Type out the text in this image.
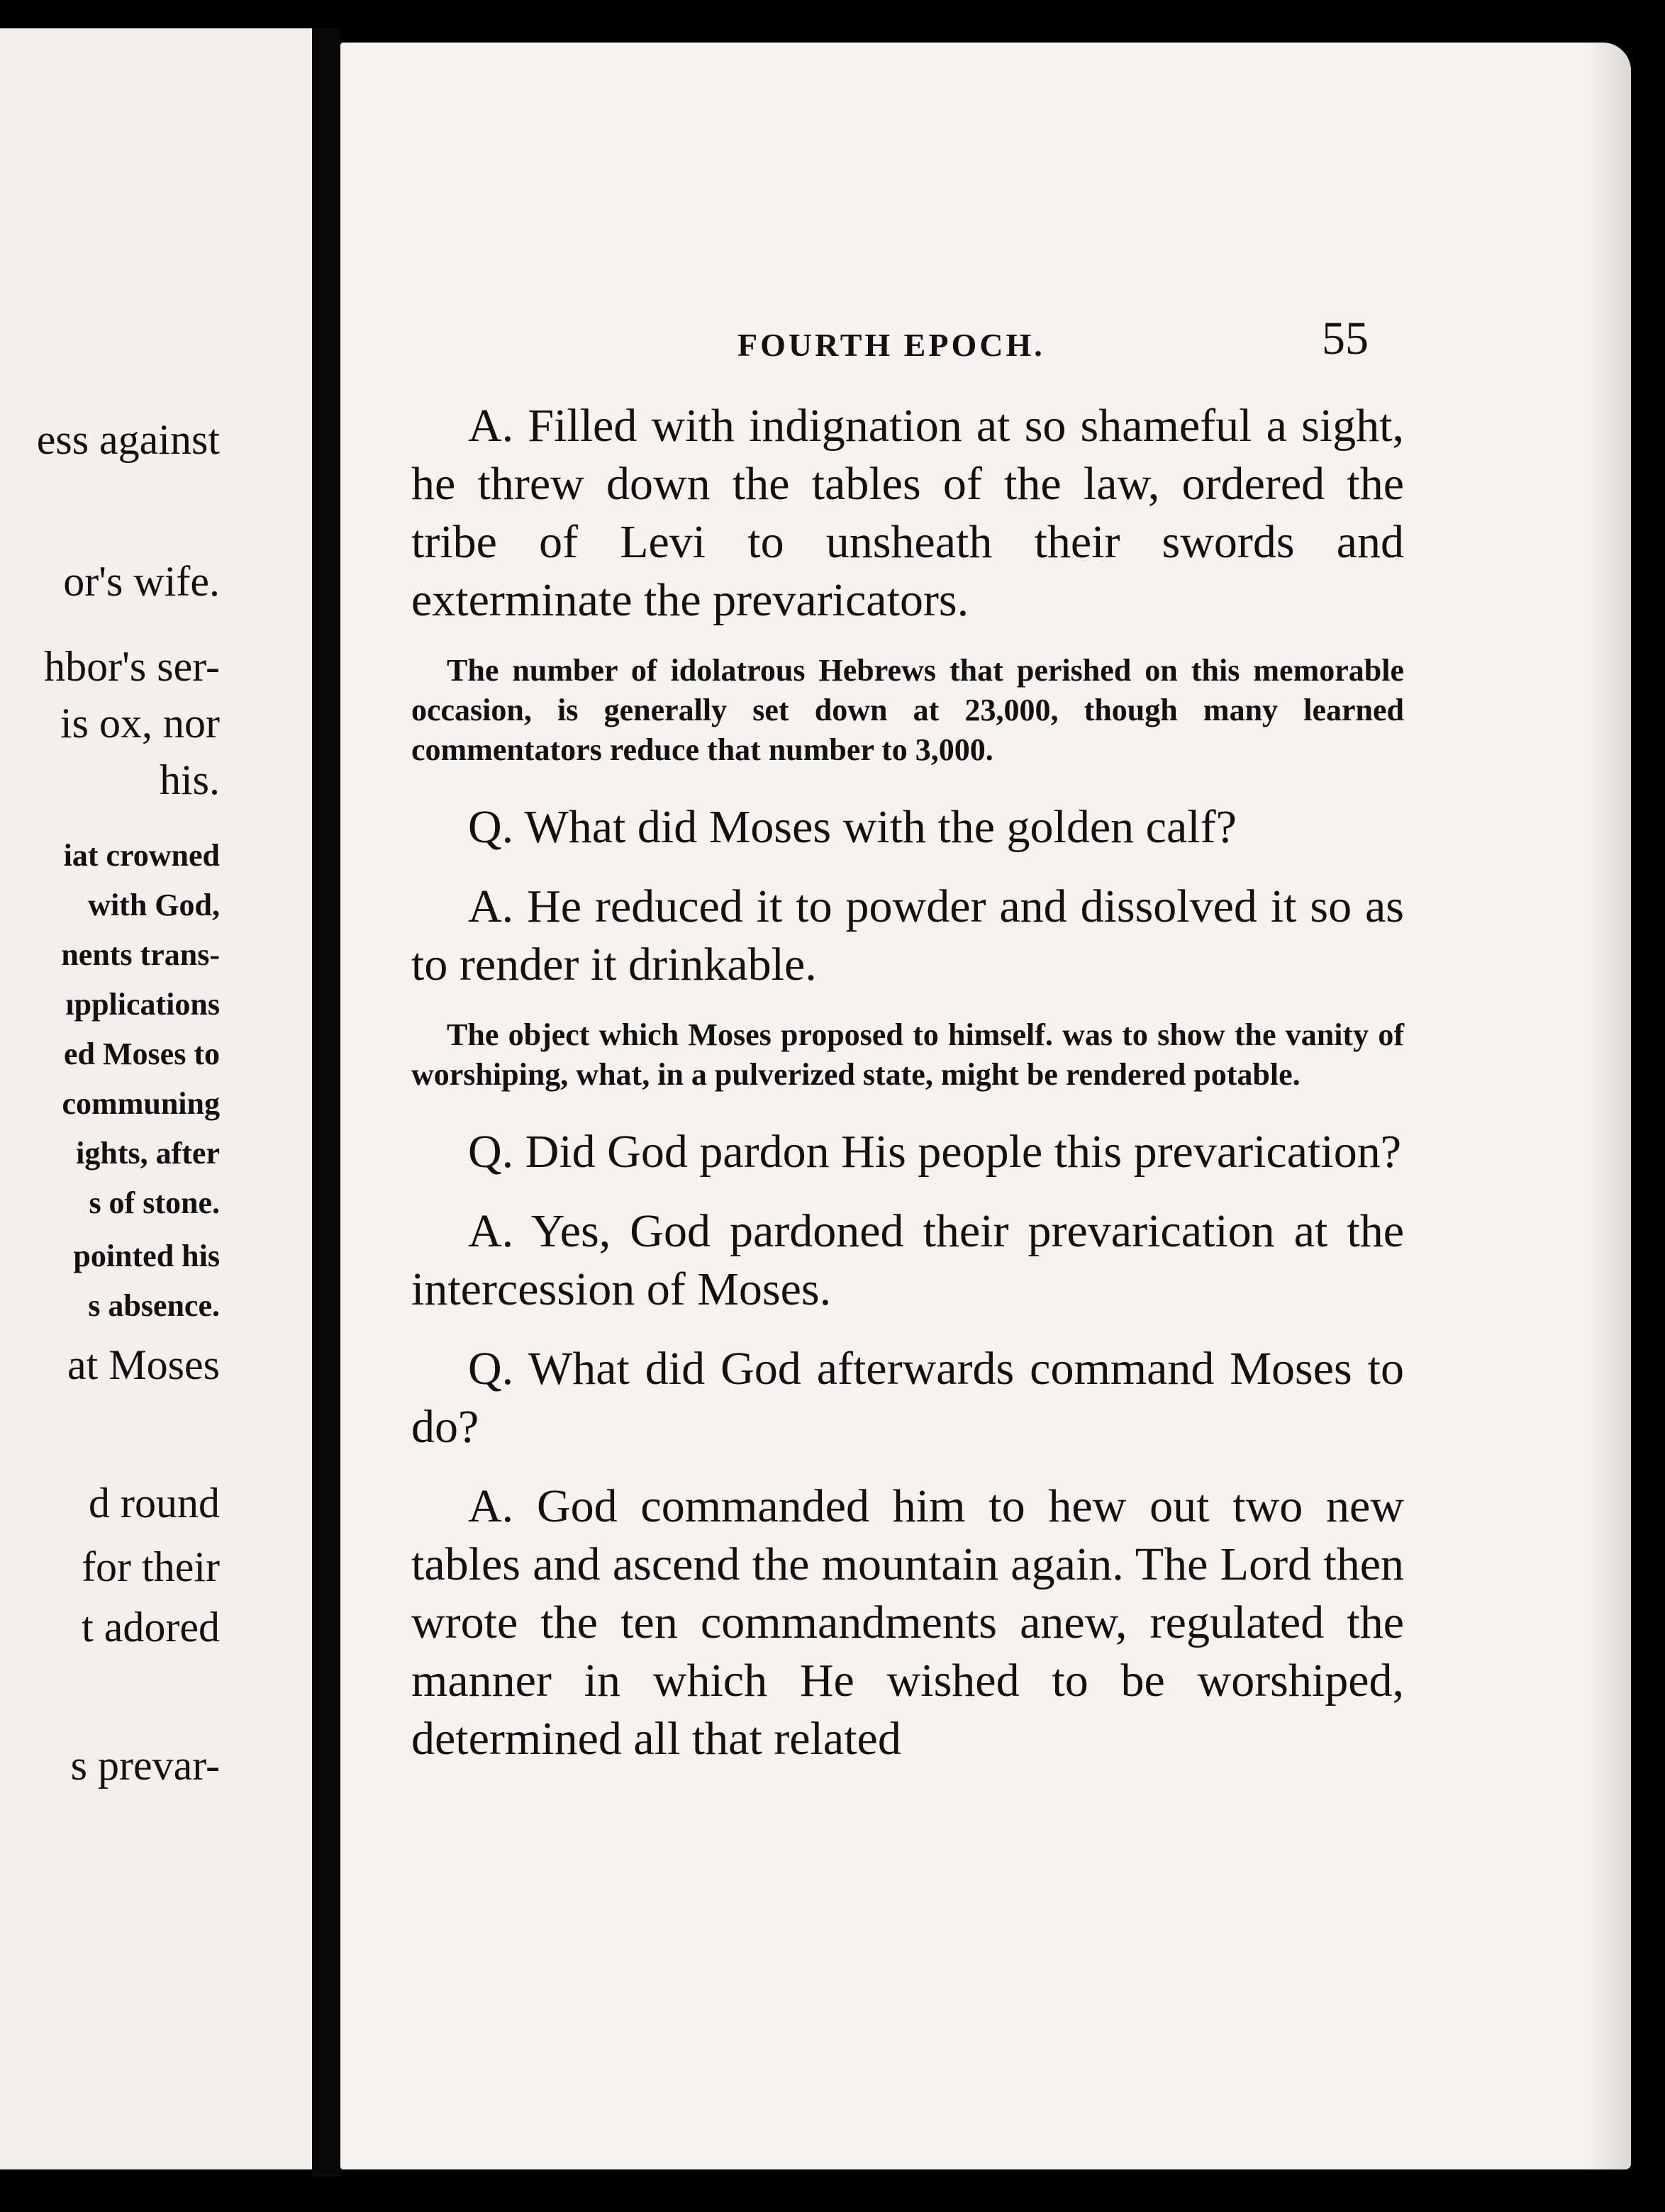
ess against
or's wife.
hbor's ser-
is ox, nor
his.
iat crowned
with God,
nents trans-
ıpplications
ed Moses to
communing
ights, after
s of stone.
pointed his
s absence.
at Moses
d round
for their
t adored
s prevar-
FOURTH EPOCH.	55

A. Filled with indignation at so shameful a sight, he threw down the tables of the law, ordered the tribe of Levi to unsheath their swords and exterminate the prevaricators.

The number of idolatrous Hebrews that perished on this memorable occasion, is generally set down at 23,000, though many learned commentators reduce that number to 3,000.

Q. What did Moses with the golden calf?

A. He reduced it to powder and dissolved it so as to render it drinkable.

The object which Moses proposed to himself. was to show the vanity of worshiping, what, in a pulverized state, might be rendered potable.

Q. Did God pardon His people this prevarication?

A. Yes, God pardoned their prevarication at the intercession of Moses.

Q. What did God afterwards command Moses to do?

A. God commanded him to hew out two new tables and ascend the mountain again. The Lord then wrote the ten commandments anew, regulated the manner in which He wished to be worshiped, determined all that related
